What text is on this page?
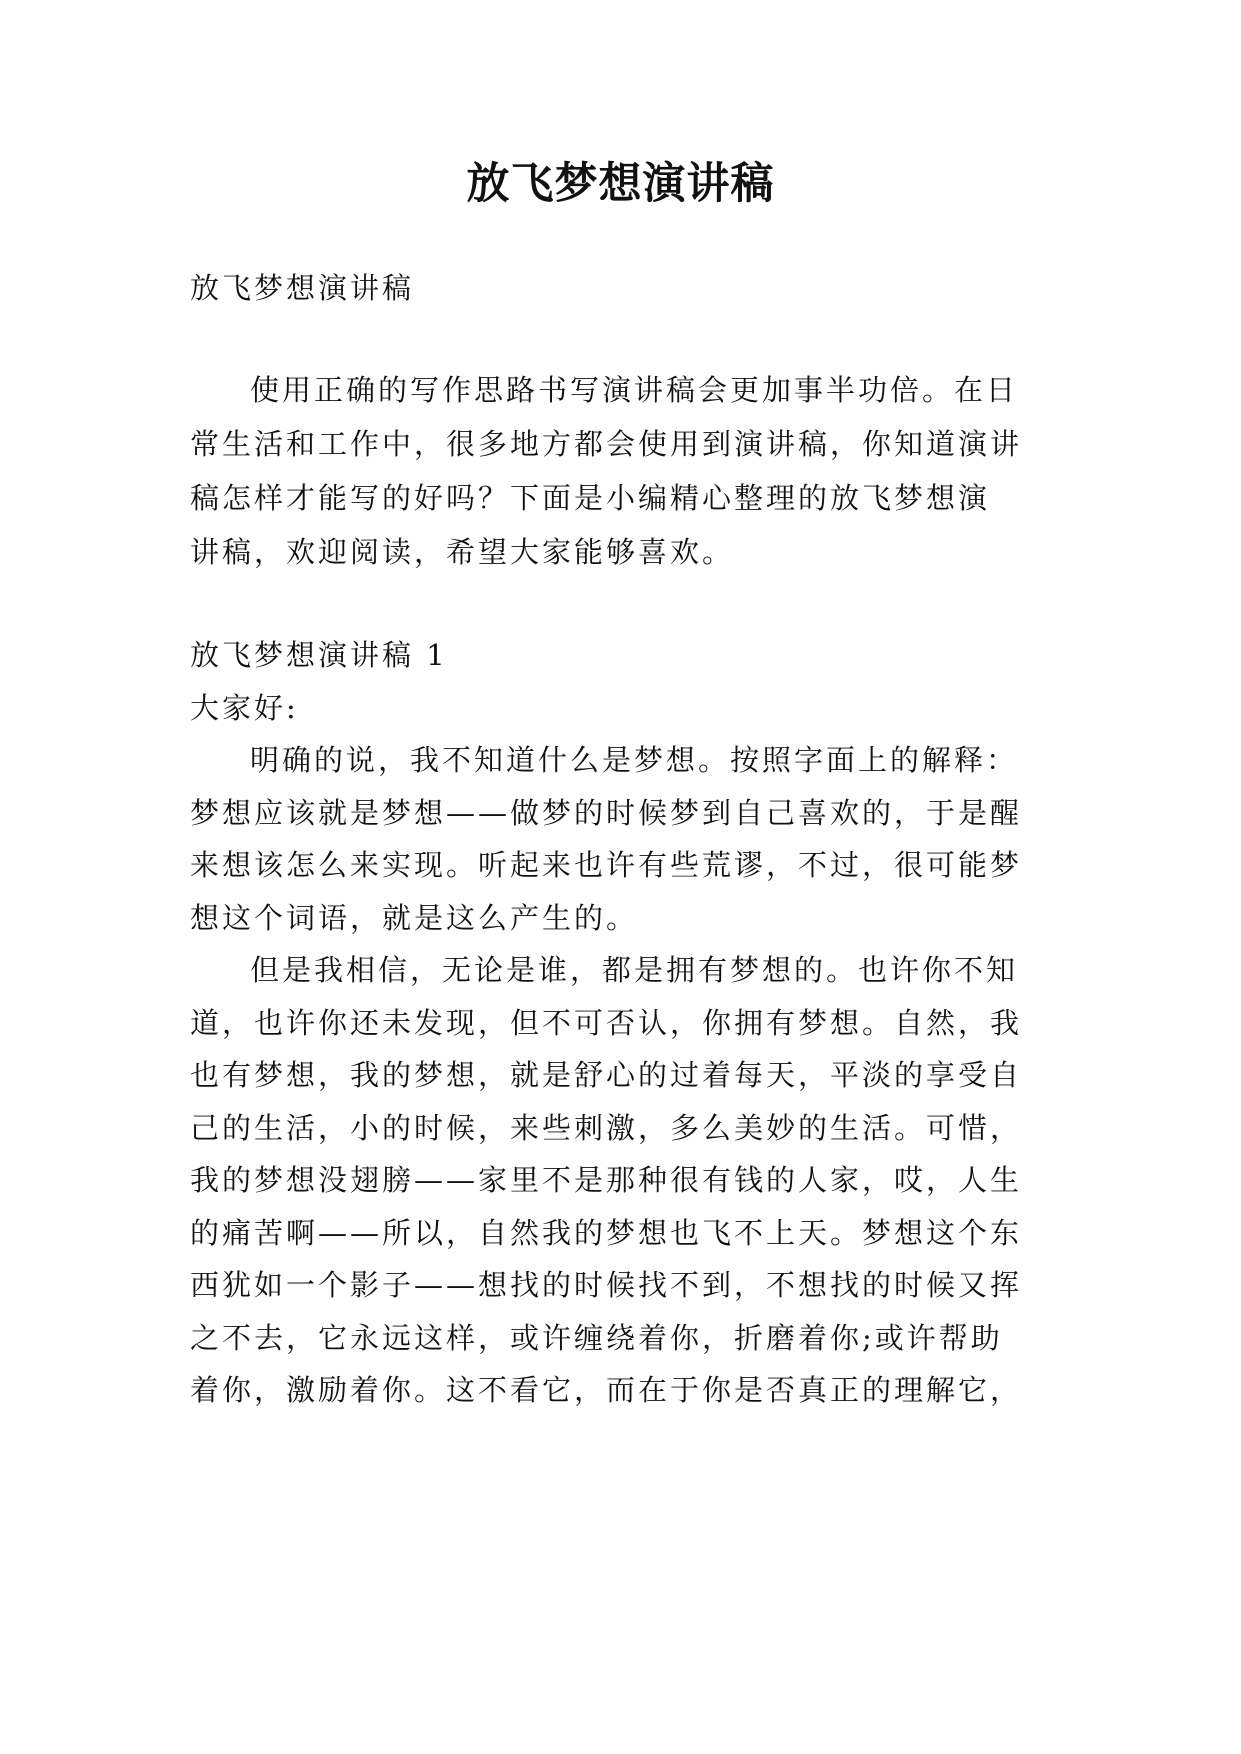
放飞梦想演讲稿
放飞梦想演讲稿
使用正确的写作思路书写演讲稿会更加事半功倍。在日
常生活和工作中，很多地方都会使用到演讲稿，你知道演讲
稿怎样才能写的好吗？下面是小编精心整理的放飞梦想演
讲稿，欢迎阅读，希望大家能够喜欢。
放飞梦想演讲稿 1
大家好:
明确的说，我不知道什么是梦想。按照字面上的解释：
梦想应该就是梦想——做梦的时候梦到自己喜欢的，于是醒
来想该怎么来实现。听起来也许有些荒谬，不过，很可能梦
想这个词语，就是这么产生的。
但是我相信，无论是谁，都是拥有梦想的。也许你不知
道，也许你还未发现，但不可否认，你拥有梦想。自然，我
也有梦想，我的梦想，就是舒心的过着每天，平淡的享受自
己的生活，小的时候，来些刺激，多么美妙的生活。可惜，
我的梦想没翅膀——家里不是那种很有钱的人家，哎，人生
的痛苦啊——所以，自然我的梦想也飞不上天。梦想这个东
西犹如一个影子——想找的时候找不到，不想找的时候又挥
之不去，它永远这样，或许缠绕着你，折磨着你;或许帮助
着你，激励着你。这不看它，而在于你是否真正的理解它，
